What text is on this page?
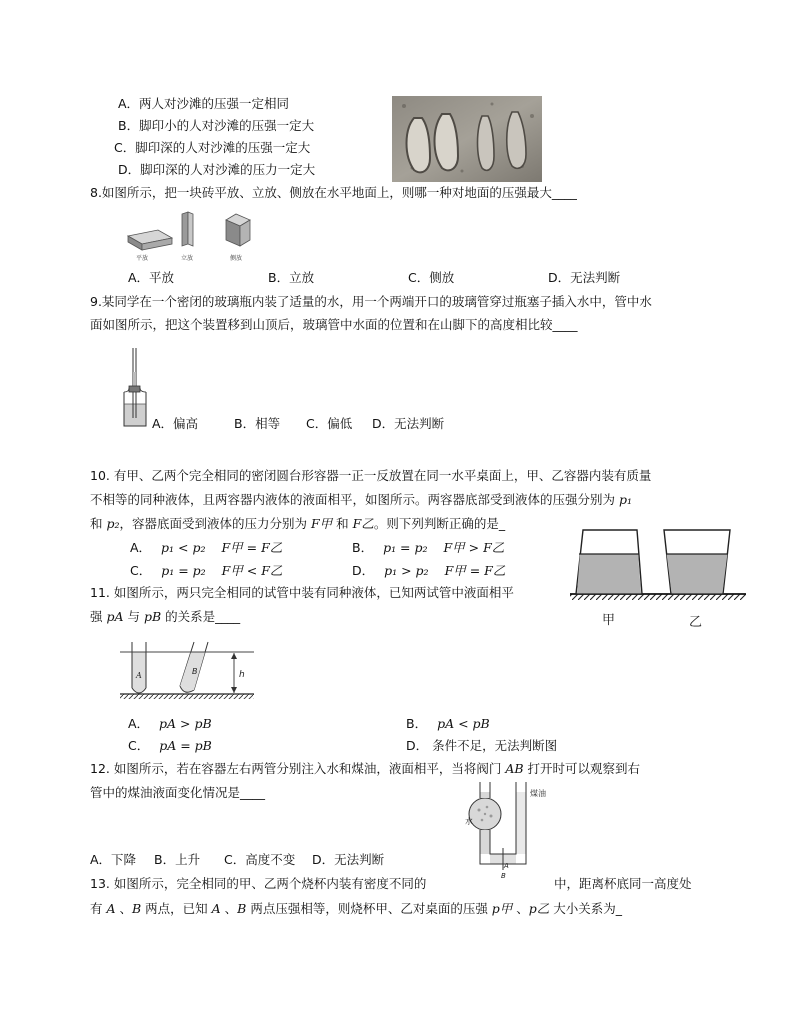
A．两人对沙滩的压强一定相同
B．脚印小的人对沙滩的压强一定大
C．脚印深的人对沙滩的压强一定大
D．脚印深的人对沙滩的压力一定大
8.如图所示，把一块砖平放、立放、侧放在水平地面上，则哪一种对地面的压强最大____
平放	立放	侧放
A．平放	B．立放	C．侧放	D．无法判断
9.某同学在一个密闭的玻璃瓶内装了适量的水，用一个两端开口的玻璃管穿过瓶塞子插入水中，管中水
面如图所示，把这个装置移到山顶后，玻璃管中水面的位置和在山脚下的高度相比较____
A．偏高	B．相等 C．偏低 D．无法判断
10. 有甲、乙两个完全相同的密闭圆台形容器一正一反放置在同一水平桌面上，甲、乙容器内装有质量
不相等的同种液体，且两容器内液体的液面相平，如图所示。两容器底部受到液体的压强分别为 p₁
和 p₂，容器底面受到液体的压力分别为 F甲 和 F乙。则下列判断正确的是_
A． p₁ < p₂ F甲 = F乙	B． p₁ = p₂ F甲 > F乙
C． p₁ = p₂ F甲 < F乙	D． p₁ > p₂ F甲 = F乙
甲	乙
11. 如图所示，两只完全相同的试管中装有同种液体，已知两试管中液面相平
强 pA 与 pB 的关系是____
A	B	h
A． pA > pB	B． pA < pB
C． pA = pB	D． 条件不足，无法判断图
12. 如图所示，若在容器左右两管分别注入水和煤油，液面相平，当将阀门 AB 打开时可以观察到右
管中的煤油液面变化情况是____
水
煤油
A
B
A．下降 B．上升 C．高度不变 D．无法判断
13. 如图所示，完全相同的甲、乙两个烧杯内装有密度不同的	中，距离杯底同一高度处
有 A 、B 两点，已知 A 、B 两点压强相等，则烧杯甲、乙对桌面的压强 p甲 、p乙 大小关系为_
